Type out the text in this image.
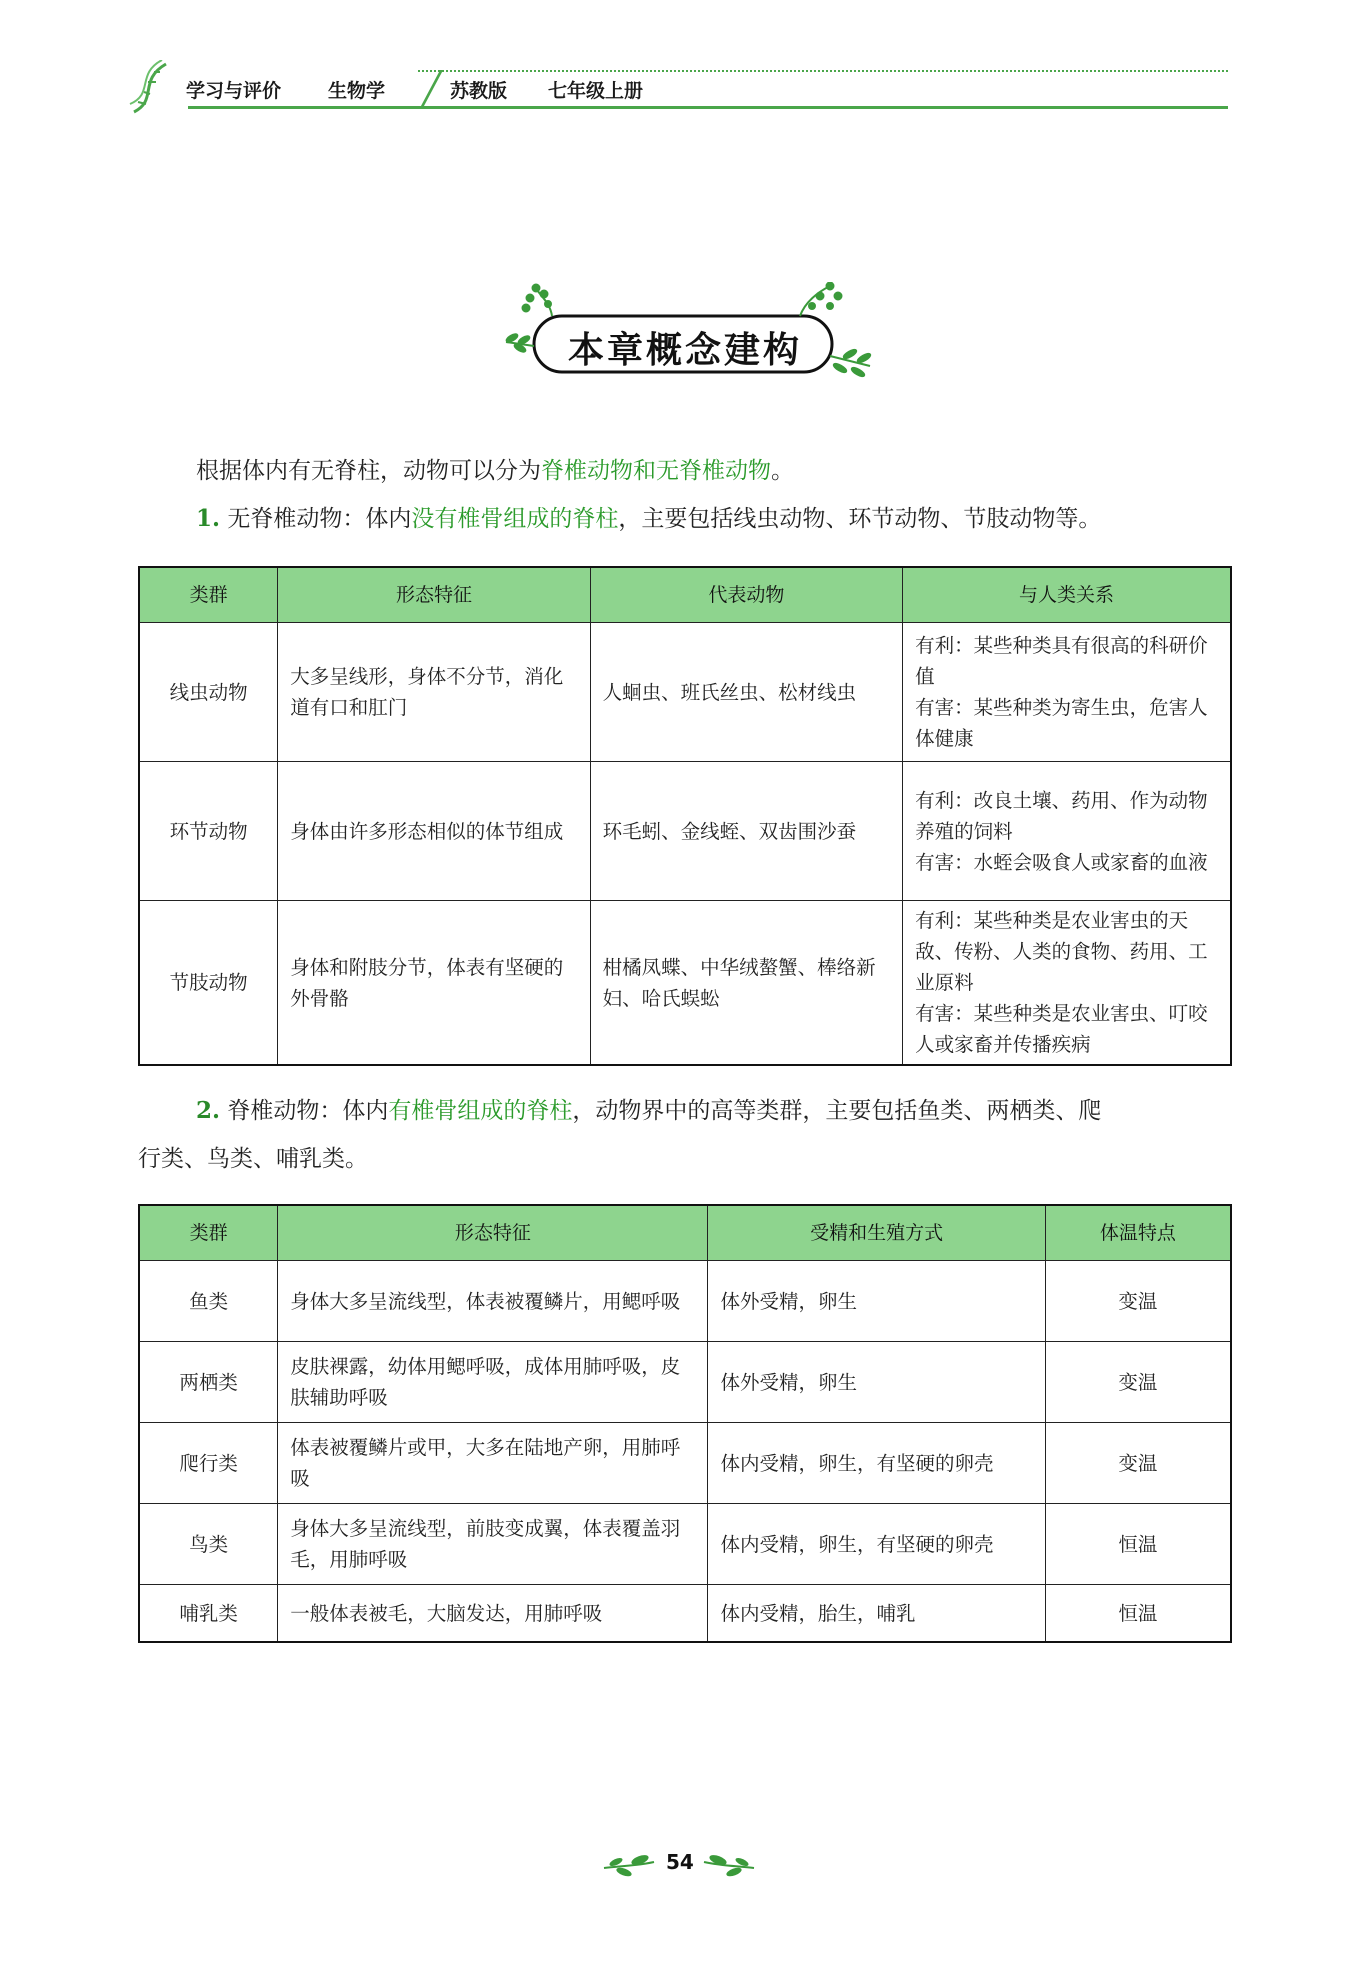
学习与评价 生物学	苏教版 七年级上册
本章概念建构
根据体内有无脊柱，动物可以分为脊椎动物和无脊椎动物。
1. 无脊椎动物：体内没有椎骨组成的脊柱，主要包括线虫动物、环节动物、节肢动物等。
类群	形态特征	代表动物	与人类关系
线虫动物	大多呈线形，身体不分节，消化道有口和肛门	人蛔虫、班氏丝虫、松材线虫	有利：某些种类具有很高的科研价值
有害：某些种类为寄生虫，危害人体健康

环节动物	身体由许多形态相似的体节组成	环毛蚓、金线蛭、双齿围沙蚕	有利：改良土壤、药用、作为动物养殖的饲料
有害：水蛭会吸食人或家畜的血液

节肢动物	身体和附肢分节，体表有坚硬的外骨骼	柑橘凤蝶、中华绒螯蟹、棒络新妇、哈氏蜈蚣	有利：某些种类是农业害虫的天敌、传粉、人类的食物、药用、工业原料
有害：某些种类是农业害虫、叮咬人或家畜并传播疾病
2. 脊椎动物：体内有椎骨组成的脊柱，动物界中的高等类群，主要包括鱼类、两栖类、爬
行类、鸟类、哺乳类。
类群	形态特征	受精和生殖方式	体温特点
鱼类	身体大多呈流线型，体表被覆鳞片，用鳃呼吸	体外受精，卵生	变温
两栖类	皮肤裸露，幼体用鳃呼吸，成体用肺呼吸，皮肤辅助呼吸	体外受精，卵生	变温
爬行类	体表被覆鳞片或甲，大多在陆地产卵，用肺呼吸	体内受精，卵生，有坚硬的卵壳	变温
鸟类	身体大多呈流线型，前肢变成翼，体表覆盖羽毛，用肺呼吸	体内受精，卵生，有坚硬的卵壳	恒温
哺乳类	一般体表被毛，大脑发达，用肺呼吸	体内受精，胎生，哺乳	恒温
54
